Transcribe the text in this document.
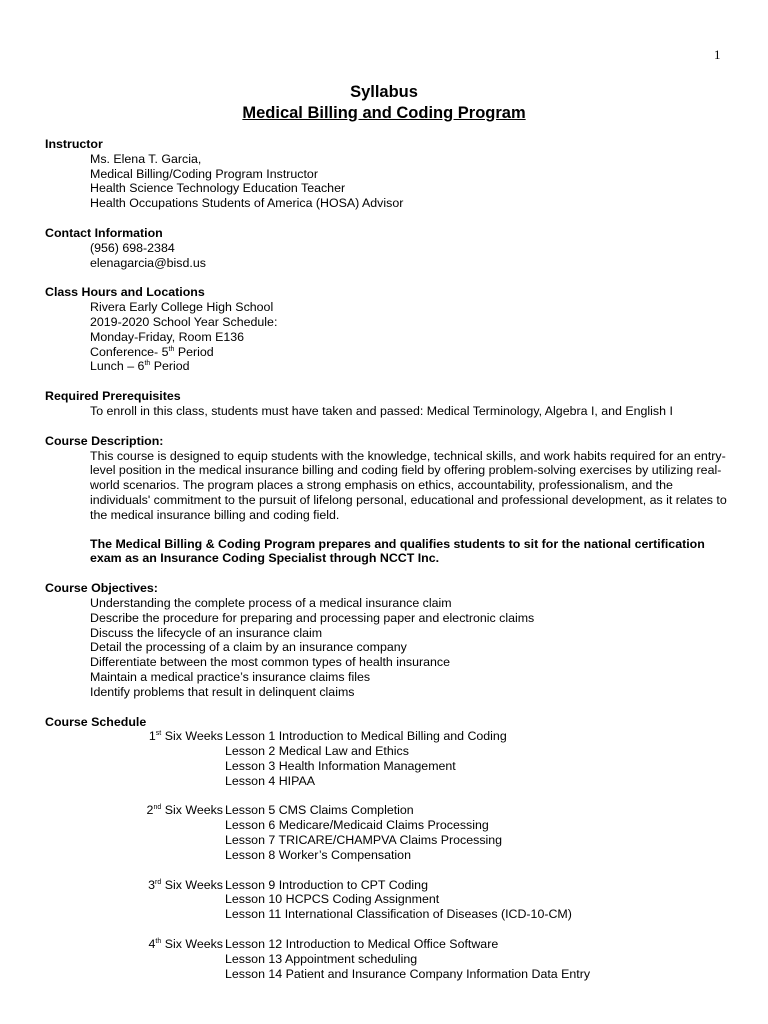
1
Syllabus
Medical Billing and Coding Program
Instructor
Ms. Elena T. Garcia,
Medical Billing/Coding Program Instructor
Health Science Technology Education Teacher
Health Occupations Students of America (HOSA) Advisor
Contact Information
(956) 698-2384
elenagarcia@bisd.us
Class Hours and Locations
Rivera Early College High School
2019-2020 School Year Schedule:
Monday-Friday, Room E136
Conference- 5th Period
Lunch – 6th Period
Required Prerequisites
To enroll in this class, students must have taken and passed: Medical Terminology, Algebra I, and English I
Course Description:

This course is designed to equip students with the knowledge, technical skills, and work habits required for an entry-level position in the medical insurance billing and coding field by offering problem-solving exercises by utilizing real-world scenarios. The program places a strong emphasis on ethics, accountability, professionalism, and the individuals' commitment to the pursuit of lifelong personal, educational and professional development, as it relates to the medical insurance billing and coding field.

The Medical Billing & Coding Program prepares and qualifies students to sit for the national certification exam as an Insurance Coding Specialist through NCCT Inc.
Course Objectives:
Understanding the complete process of a medical insurance claim
Describe the procedure for preparing and processing paper and electronic claims
Discuss the lifecycle of an insurance claim
Detail the processing of a claim by an insurance company
Differentiate between the most common types of health insurance
Maintain a medical practice’s insurance claims files
Identify problems that result in delinquent claims
Course Schedule
1st Six Weeks Lesson 1 Introduction to Medical Billing and Coding
Lesson 2 Medical Law and Ethics
Lesson 3 Health Information Management
Lesson 4 HIPAA
2nd Six Weeks Lesson 5 CMS Claims Completion
Lesson 6 Medicare/Medicaid Claims Processing
Lesson 7 TRICARE/CHAMPVA Claims Processing
Lesson 8 Worker’s Compensation
3rd Six Weeks Lesson 9 Introduction to CPT Coding
Lesson 10 HCPCS Coding Assignment
Lesson 11 International Classification of Diseases (ICD-10-CM)
4th Six Weeks Lesson 12 Introduction to Medical Office Software
Lesson 13 Appointment scheduling
Lesson 14 Patient and Insurance Company Information Data Entry
